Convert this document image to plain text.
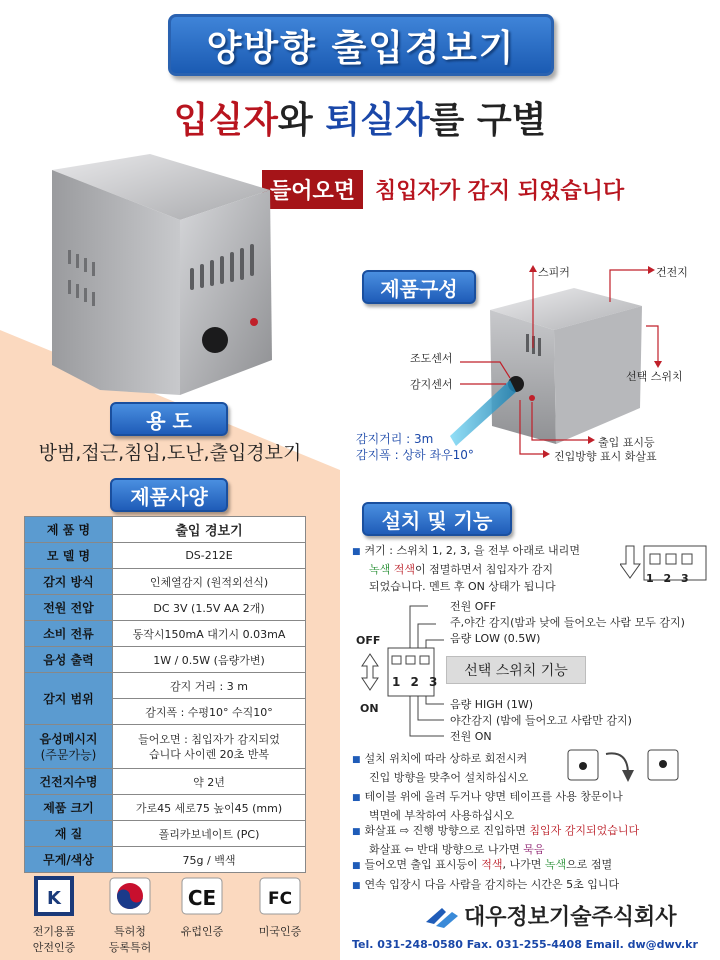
양방향 출입경보기
입실자와 퇴실자를 구별
들어오면 침입자가 감지 되었습니다
용 도
방범,접근,침입,도난,출입경보기
제품사양
제 품 명	출입 경보기
모 델 명	DS-212E
감지 방식	인체열감지 (원적외선식)
전원 전압	DC 3V (1.5V AA 2개)
소비 전류	동작시150mA 대기시 0.03mA
음성 출력	1W / 0.5W (음량가변)
감지 범위	감지 거리 : 3 m
	감지폭 : 수평10° 수직10°
음성메시지
(주문가능)	들어오면 : 침입자가 감지되었
습니다 사이렌 20초 반복
건전지수명	약 2년
제품 크기	가로45 세로75 높이45 (mm)
재 질	폴리카보네이트 (PC)
무게/색상	75g / 백색
K
전기용품
안전인증
특허청
등록특허
CE
유럽인증
FC
미국인증
제품구성
스피커	건전지
조도센서
감지센서
선택 스위치
출입 표시등
진입방향 표시 화살표
감지거리 : 3m
감지폭 : 상하 좌우10°
설치 및 기능
■ 켜기 : 스위치 1, 2, 3, 을 전부 아래로 내리면
녹색 적색이 점멸하면서 침입자가 감지
되었습니다. 멘트 후 ON 상태가 됩니다
1 2 3
OFF
ON
1 2 3
전원 OFF
주,야간 감지(밤과 낮에 들어오는 사람 모두 감지)
음량 LOW (0.5W)
선택 스위치 기능
음량 HIGH (1W)
야간감지 (밤에 들어오고 사람만 감지)
전원 ON
■ 설치 위치에 따라 상하로 회전시켜
진입 방향을 맞추어 설치하십시오
■ 테이블 위에 올려 두거나 양면 테이프를 사용 창문이나
벽면에 부착하여 사용하십시오
■ 화살표 ⇨ 진행 방향으로 진입하면 침입자 감지되었습니다
화살표 ⇦ 반대 방향으로 나가면 묵음
■ 들어오면 출입 표시등이 적색, 나가면 녹색으로 점멸
■ 연속 입장시 다음 사람을 감지하는 시간은 5초 입니다
대우정보기술주식회사
Tel. 031-248-0580 Fax. 031-255-4408 Email. dw@dwv.kr
